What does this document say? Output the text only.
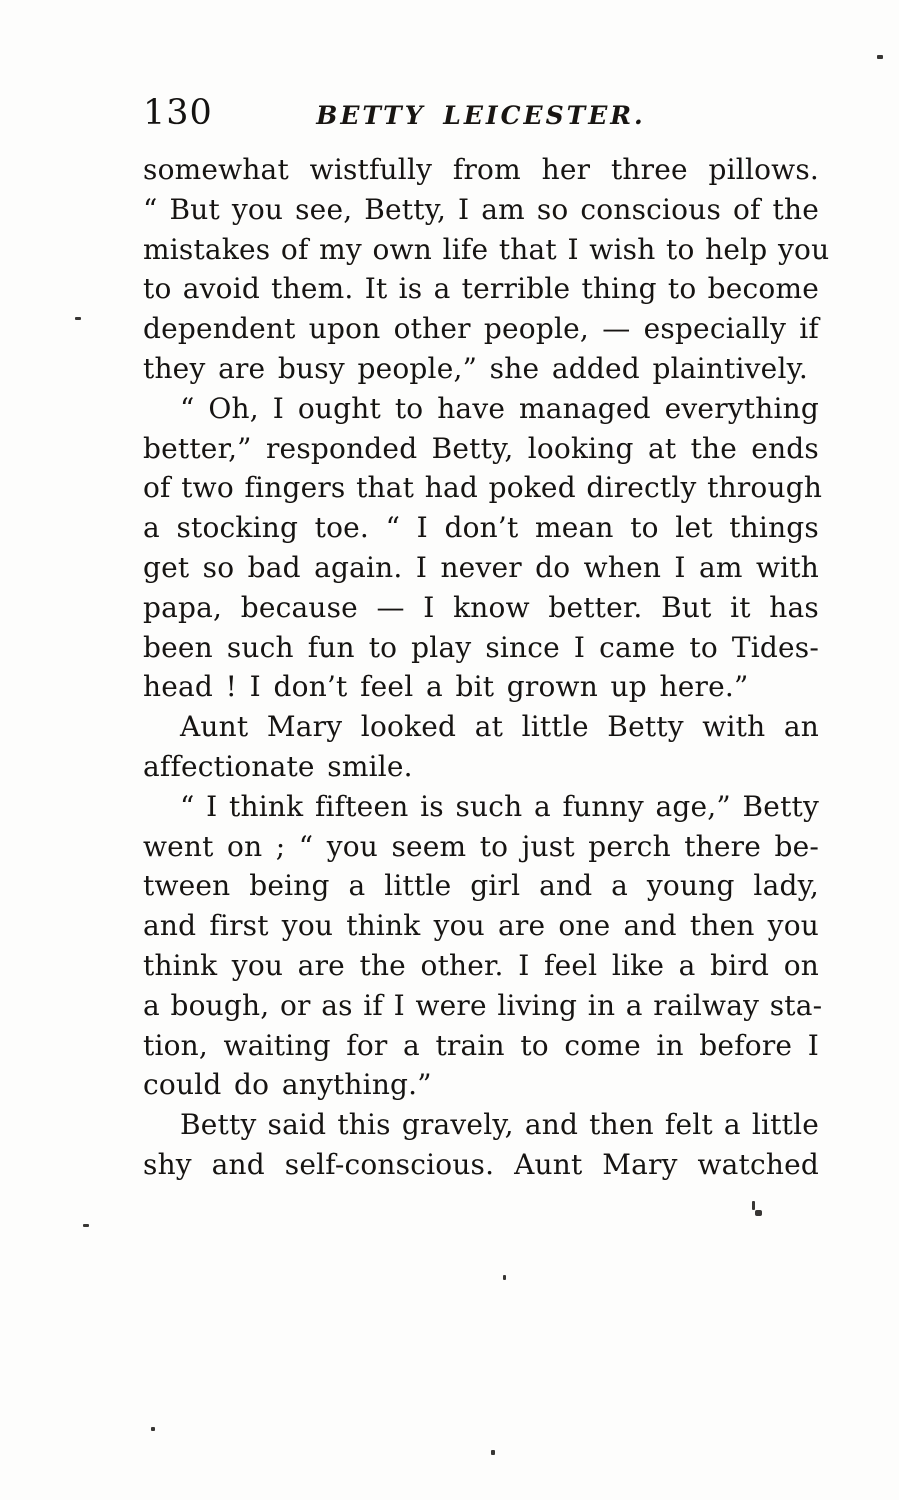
130	BETTY LEICESTER.
somewhat wistfully from her three pillows.
“ But you see, Betty, I am so conscious of the
mistakes of my own life that I wish to help you
to avoid them. It is a terrible thing to become
dependent upon other people, — especially if
they are busy people,” she added plaintively.
“ Oh, I ought to have managed everything
better,” responded Betty, looking at the ends
of two fingers that had poked directly through
a stocking toe. “ I don’t mean to let things
get so bad again. I never do when I am with
papa, because — I know better. But it has
been such fun to play since I came to Tides-
head ! I don’t feel a bit grown up here.”
Aunt Mary looked at little Betty with an
affectionate smile.
“ I think fifteen is such a funny age,” Betty
went on ; “ you seem to just perch there be-
tween being a little girl and a young lady,
and first you think you are one and then you
think you are the other. I feel like a bird on
a bough, or as if I were living in a railway sta-
tion, waiting for a train to come in before I
could do anything.”
Betty said this gravely, and then felt a little
shy and self-conscious. Aunt Mary watched
